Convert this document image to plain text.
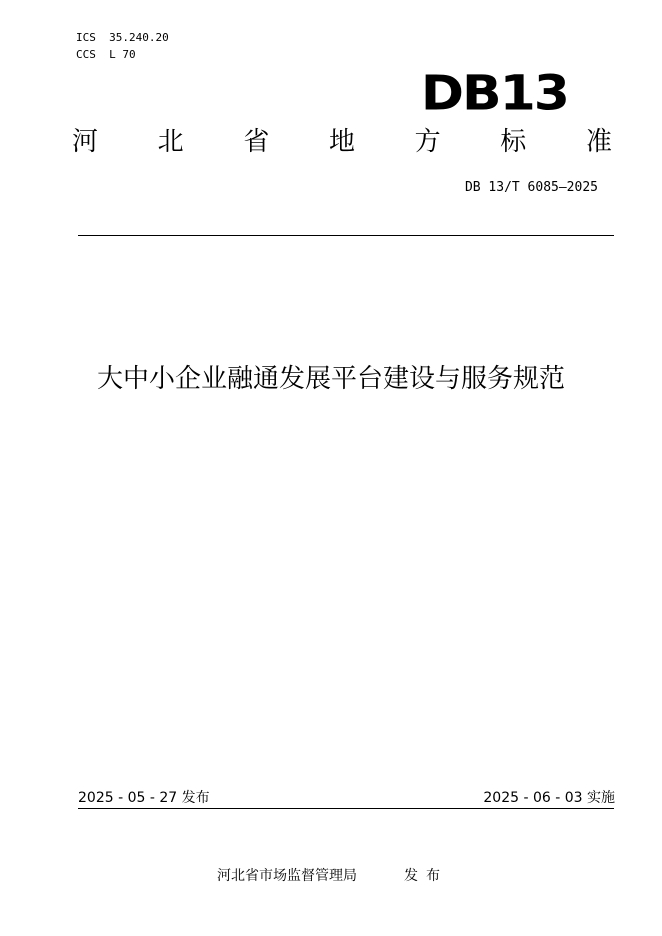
ICS  35.240.20
CCS  L 70
DB13
河 北 省 地 方 标 准
DB 13/T 6085—2025
大中小企业融通发展平台建设与服务规范
2025 - 05 - 27 发布	2025 - 06 - 03 实施
河北省市场监督管理局	发布
